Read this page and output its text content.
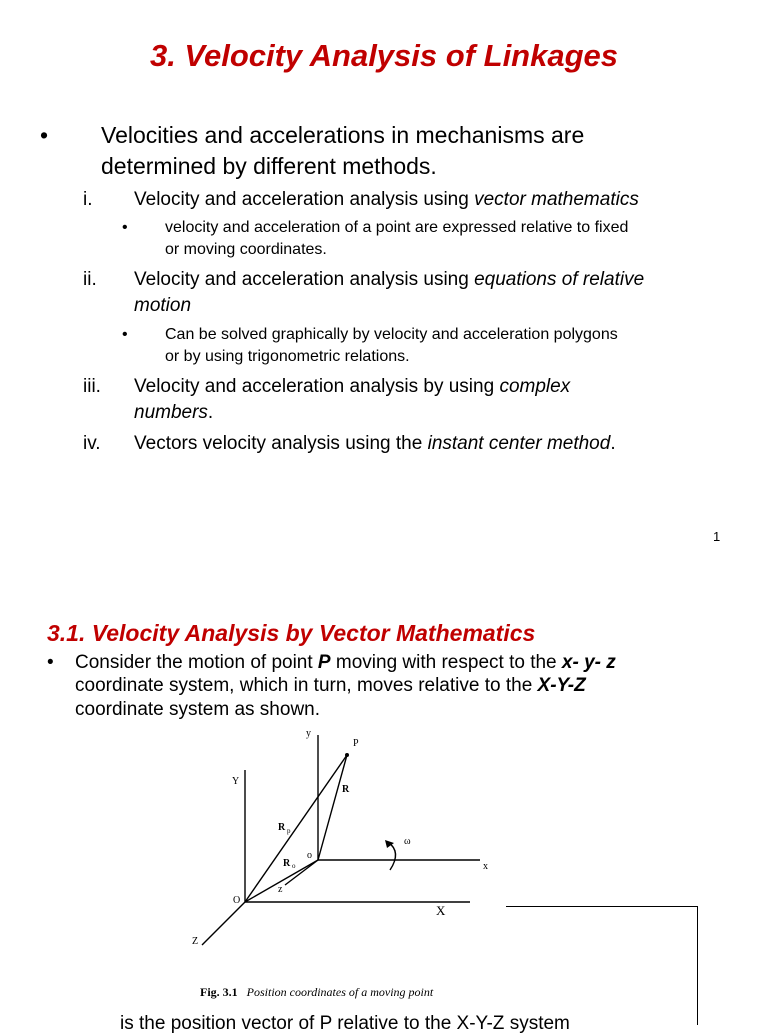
3. Velocity Analysis of Linkages
• Velocities and accelerations in mechanisms are
determined by different methods.
i. Velocity and acceleration analysis using vector mathematics
• velocity and acceleration of a point are expressed relative to fixed
or moving coordinates.
ii. Velocity and acceleration analysis using equations of relative
motion
• Can be solved graphically by velocity and acceleration polygons
or by using trigonometric relations.
iii. Velocity and acceleration analysis by using complex
numbers.
iv. Vectors velocity analysis using the instant center method.
1
3.1. Velocity Analysis by Vector Mathematics
• Consider the motion of point P moving with respect to the x- y- z
coordinate system, which in turn, moves relative to the X-Y-Z
coordinate system as shown.
y
P
Y
R
R p
ω
o
R o	x
z
O
X
Z
Fig. 3.1 Position coordinates of a moving point
is the position vector of P relative to the X-Y-Z system
